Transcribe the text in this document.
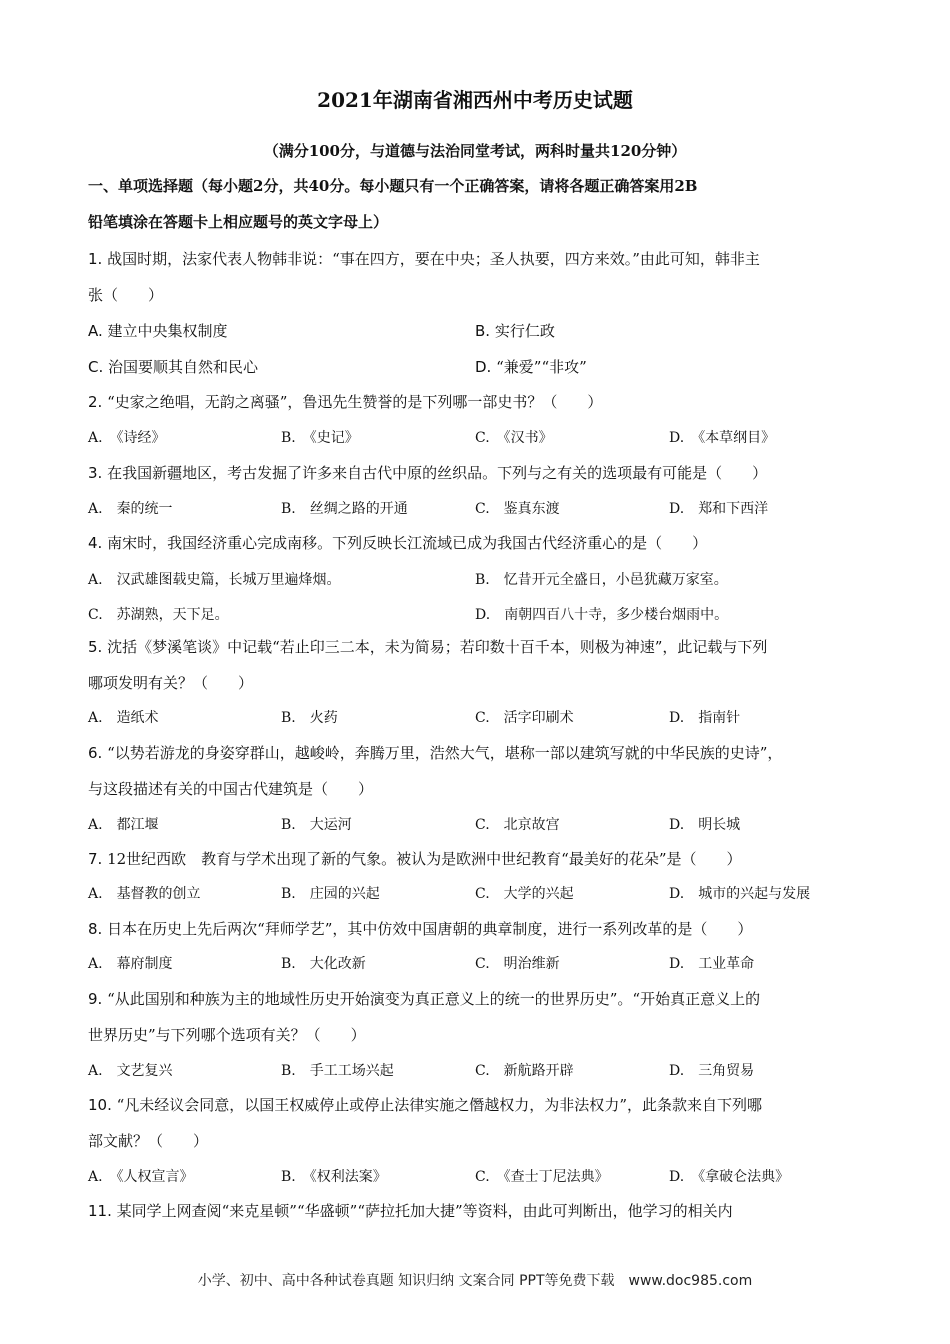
2021年湖南省湘西州中考历史试题
（满分100分，与道德与法治同堂考试，两科时量共120分钟）
一、单项选择题（每小题2分，共40分。每小题只有一个正确答案，请将各题正确答案用2B
铅笔填涂在答题卡上相应题号的英文字母上）
1. 战国时期，法家代表人物韩非说：“事在四方，要在中央；圣人执要，四方来效。”由此可知，韩非主
张（　　）
A. 建立中央集权制度	B. 实行仁政
C. 治国要顺其自然和民心	D. “兼爱”“非攻”
2. “史家之绝唱，无韵之离骚”，鲁迅先生赞誉的是下列哪一部史书？（　　）
A.　 《诗经》	B.　 《史记》	C.　 《汉书》	D.　 《本草纲目》
3. 在我国新疆地区，考古发掘了许多来自古代中原的丝织品。下列与之有关的选项最有可能是（　　）
A.　 秦的统一	B.　 丝绸之路的开通	C.　 鉴真东渡	D.　 郑和下西洋
4. 南宋时，我国经济重心完成南移。下列反映长江流域已成为我国古代经济重心的是（　　）
A.　 汉武雄图载史篇，长城万里遍烽烟。	B.　 忆昔开元全盛日，小邑犹藏万家室。
C.　 苏湖熟，天下足。	D.　 南朝四百八十寺，多少楼台烟雨中。
5. 沈括《梦溪笔谈》中记载“若止印三二本，未为简易；若印数十百千本，则极为神速”，此记载与下列
哪项发明有关？（　　）
A.　 造纸术	B.　 火药	C.　 活字印刷术	D.　 指南针
6. “以势若游龙的身姿穿群山，越峻岭，奔腾万里，浩然大气，堪称一部以建筑写就的中华民族的史诗”，
与这段描述有关的中国古代建筑是（　　）
A.　 都江堰	B.　 大运河	C.　 北京故宫	D.　 明长城
7. 12世纪西欧　教育与学术出现了新的气象。被认为是欧洲中世纪教育“最美好的花朵”是（　　）
A.　 基督教的创立	B.　 庄园的兴起	C.　 大学的兴起	D.　 城市的兴起与发展
8. 日本在历史上先后两次“拜师学艺”，其中仿效中国唐朝的典章制度，进行一系列改革的是（　　）
A.　 幕府制度	B.　 大化改新	C.　 明治维新	D.　 工业革命
9. “从此国别和种族为主的地域性历史开始演变为真正意义上的统一的世界历史”。“开始真正意义上的
世界历史”与下列哪个选项有关？（　　）
A.　 文艺复兴	B.　 手工工场兴起	C.　 新航路开辟	D.　 三角贸易
10. “凡未经议会同意，以国王权威停止或停止法律实施之僭越权力，为非法权力”，此条款来自下列哪
部文献？（　　）
A.　 《人权宣言》	B.　 《权利法案》	C.　 《查士丁尼法典》	D.　 《拿破仑法典》
11. 某同学上网查阅“来克星顿”“华盛顿”“萨拉托加大捷”等资料，由此可判断出，他学习的相关内
小学、初中、高中各种试卷真题 知识归纳 文案合同 PPT等免费下载　www.doc985.com
